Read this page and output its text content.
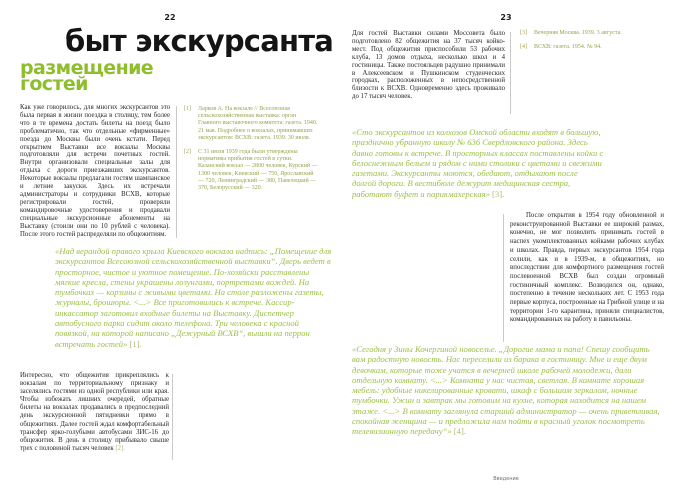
22
быт экскурсанта
размещение
гостей

Как уже говорилось, для многих экскурсантов это была первая в жизни поездка в столицу, тем более что в те времена достать билеты на поезд было проблематично, так что отдельные «фирменные» поезда до Москвы были очень кстати. Перед открытием Выставки все вокзалы Москвы подготовляли для встречи почетных гостей. Внутри организовали специальные залы для отдыха с дороги приезжавших экскурсантов. Некоторые вокзалы предлагали гостям шампанское и летние закуски. Здесь их встречали администраторы и сотрудники ВСХВ, которые регистрировали гостей, проверяли командировочные удостоверения и продавали специальные экскурсионные абонементы на Выставку (стоили они по 10 рублей с человека). После этого гостей распределяли по общежитиям.

[1]	Ларков А. На вокзале // Всесоюзная сельскохозяйственная выставка: орган Главного выставочного комитета: газета. 1940. 21 мая. Подробнее о вокзалах, принимавших экскурсантов: ВСХВ: газета. 1939. 30 июля.
[2]	С 31 июля 1939 года были утверждены нормативы прибытия гостей в сутки. Казанский вокзал — 2800 человек, Курский — 1300 человек, Киевский — 750, Ярославский — 720, Ленинградский — 380, Павелецкий — 370, Белорусский — 320.
«Над верандой правого крыла Киевского вокзала надпись: „Помещение для экскурсантов Всесоюзной сельскохозяйственной выставки“. Дверь ведет в просторное, чистое и уютное помещение. По-хозяйски расставлены мягкие кресла, стены украшены лозунгами, портретами вождей. На тумбочках — корзины с живыми цветами. На столе разложены газеты, журналы, брошюры. <...> Все приготовились к встрече. Кассир-инкассатор заготовил входные билеты на Выставку. Диспетчер автобусного парка сидит около телефона. Три человека с красной повязкой, на которой написано „Дежурный ВСХВ“, вышли на перрон встречать гостей» [1].

Интересно, что общежития прикреплялись к вокзалам по территориальному признаку и заселялись гостями из одной республики или края. Чтобы избежать лишних очередей, обратные билеты на вокзалах продавались в предпоследний день экскурсионной пятидневки прямо в общежитиях. Далее гостей ждал комфортабельный трансфер ярко-голубыми автобусами ЗИС-16 до общежития. В день в столицу прибывало свыше трех с половиной тысяч человек [2].
23

Для гостей Выставки силами Моссовета было подготовлено 82 общежития на 37 тысяч койко-мест. Под общежития приспособили 53 рабочих клуба, 13 домов отдыха, несколько школ и 4 гостиницы. Также постояльцев радушно принимали в Алексеевском и Пушкинском студенческих городках, расположенных в непосредственной близости к ВСХВ. Одновременно здесь проживало до 17 тысяч человек.

[3]	Вечерняя Москва. 1939. 3 августа.
[4]	ВСХВ: газета. 1954. № 94.
«Сто экскурсантов из колхозов Омской области входят в большую, празднично убранную школу № 636 Свердловского района. Здесь давно готовы к встрече. В просторных классах поставлены койки с белоснежным бельем и рядом с ними столики с цветами и свежими газетами. Экскурсанты моются, обедают, отдыхают после долгой дороги. В вестибюле дежурит медицинская сестра, работают буфет и парикмахерская» [3].

После открытия в 1954 году обновленной и реконструированной Выставки ее широкий размах, конечно, не мог позволить принимать гостей в наспех укомплектованных койками рабочих клубах и школах. Правда, первых экскурсантов 1954 года селили, как и в 1939-м, в общежитиях, но впоследствии для комфортного размещения гостей послевоенной ВСХВ был создан огромный гостиничный комплекс. Возводился он, однако, постепенно в течение нескольких лет. С 1953 года первые корпуса, построенные на Грибной улице и на территории 1-го карантина, приняли специалистов, командированных на работу в павильоны.

«Сегодня у Зины Кочергиной новоселье. „Дорогие мама и папа! Спешу сообщить вам радостную новость. Нас переселили из барака в гостиницу. Мне и еще двум девочкам, которые тоже учатся в вечерней школе рабочей молодежи, дали отдельную комнату. <...> Комната у нас чистая, светлая. В комнате хорошая мебель: удобные никелированные кровати, шкаф с большим зеркалом, ночные тумбочки. Ужин и завтрак мы готовим на кухне, которая находится на нашем этаже. <...> В комнату заглянула старший администратор — очень приветливая, спокойная женщина — и предложила нам пойти в красный уголок посмотреть телевизионную передачу“» [4].
Введение
